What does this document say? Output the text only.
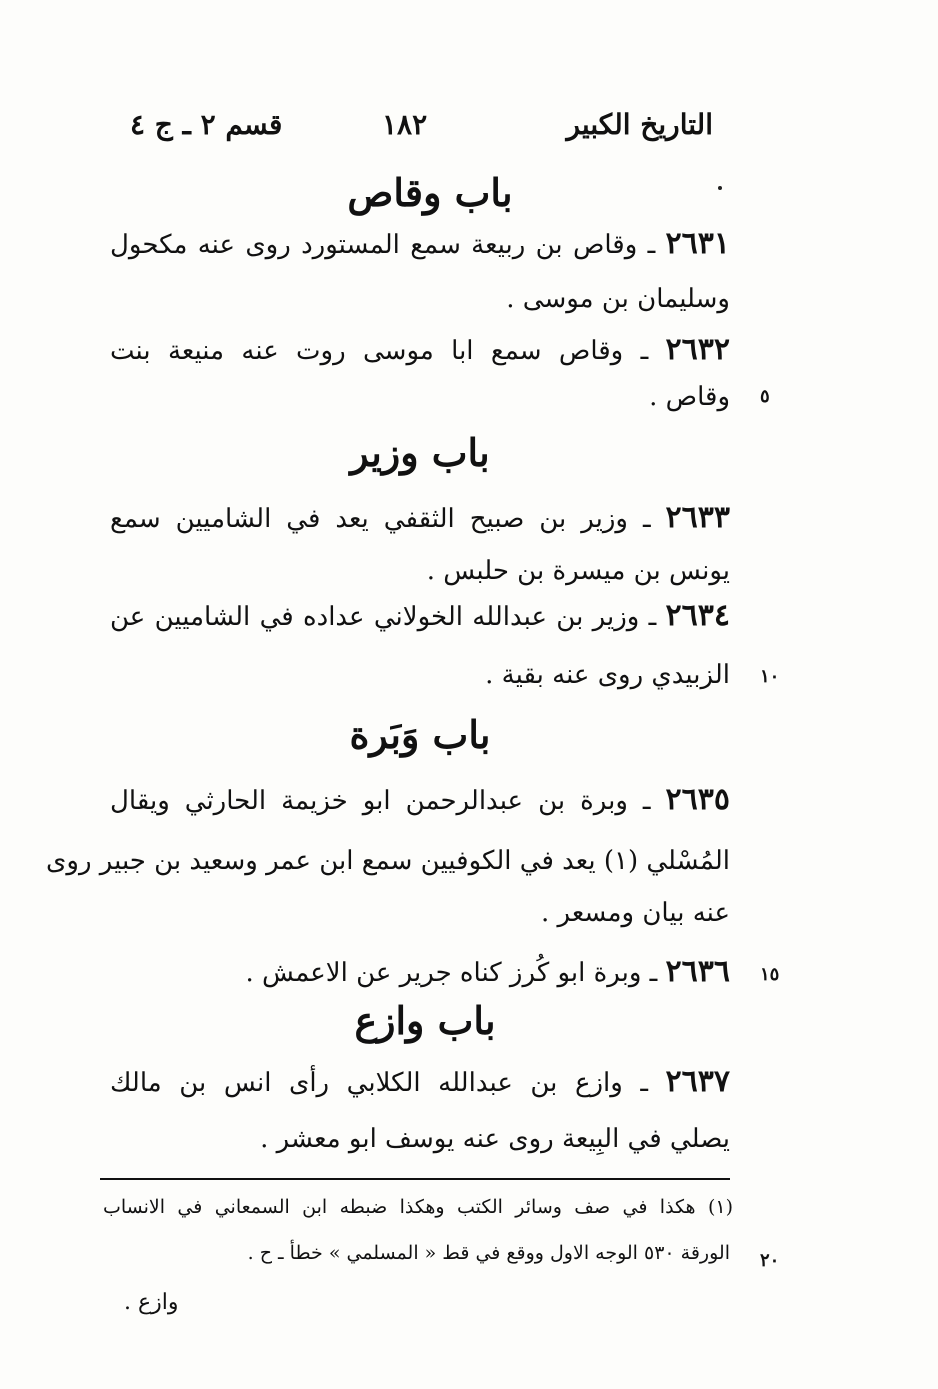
التاريخ الكبير
١٨٢
قسم ٢ ـ ج ٤
باب وقاص
٢٦٣١ ـ وقاص بن ربيعة سمع المستورد روى عنه مكحول
وسليمان بن موسى .
٢٦٣٢ ـ وقاص سمع ابا موسى روت عنه منيعة بنت
وقاص . ٥
باب وزير
٢٦٣٣ ـ وزير بن صبيح الثقفي يعد في الشاميين سمع
يونس بن ميسرة بن حلبس .
٢٦٣٤ ـ وزير بن عبدالله الخولاني عداده في الشاميين عن
الزبيدي روى عنه بقية . ١٠
باب وَبَرة
٢٦٣٥ ـ وبرة بن عبدالرحمن ابو خزيمة الحارثي ويقال
المُسْلي (١) يعد في الكوفيين سمع ابن عمر وسعيد بن جبير روى
عنه بيان ومسعر .
٢٦٣٦ ـ وبرة ابو كُرز كناه جرير عن الاعمش .	١٥
باب وازع
٢٦٣٧ ـ وازع بن عبدالله الكلابي رأى انس بن مالك
يصلي في البِيعة روى عنه يوسف ابو معشر .
(١) هكذا في صف وسائر الكتب وهكذا ضبطه ابن السمعاني في الانساب
الورقة ٥٣٠ الوجه الاول ووقع في قط « المسلمي » خطأ ـ ح . ٢٠
وازع .
